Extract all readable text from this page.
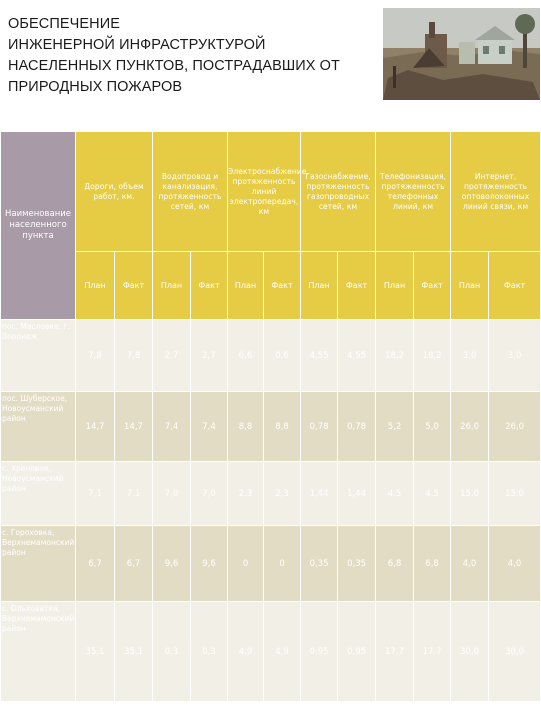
ОБЕСПЕЧЕНИЕ
ИНЖЕНЕРНОЙ ИНФРАСТРУКТУРОЙ
НАСЕЛЕННЫХ ПУНКТОВ, ПОСТРАДАВШИХ ОТ
ПРИРОДНЫХ ПОЖАРОВ
Наименование населенного пункта	Дороги, объем работ, км.		Водопровод и канализация, протяженность сетей, км		Электроснабжение, протяженность линий электропередач, км		Газоснабжение, протяженность газопроводных сетей, км		Телефонизация, протяженность телефонных линий, км		Интернет, протяженность оптоволоконных линий связи, км	
	План	Факт	План	Факт	План	Факт	План	Факт	План	Факт	План	Факт
пос. Масловка, г. Воронеж	7,8	7,8	2,7	2,7	0,6	0,6	4,55	4,55	18,2	18,2	3,0	3,0
пос. Шуберское, Новоусманский район	14,7	14,7	7,4	7,4	8,8	8,8	0,78	0,78	5,2	5,0	26,0	26,0
с. Хреновое, Новоусманский район	7,1	7,1	7,0	7,0	2,3	2,3	1,44	1,44	4,5	4,5	15,0	15,0
с. Гороховка, Верхнемамонский район	6,7	6,7	9,6	9,6	0	0	0,35	0,35	6,8	6,8	4,0	4,0
с. Ольховатка, Верхнемамонский район	35,1	35,1	0,3	0,3	4,9	4,9	0,95	0,95	17,7	17,7	30,0	30,0
